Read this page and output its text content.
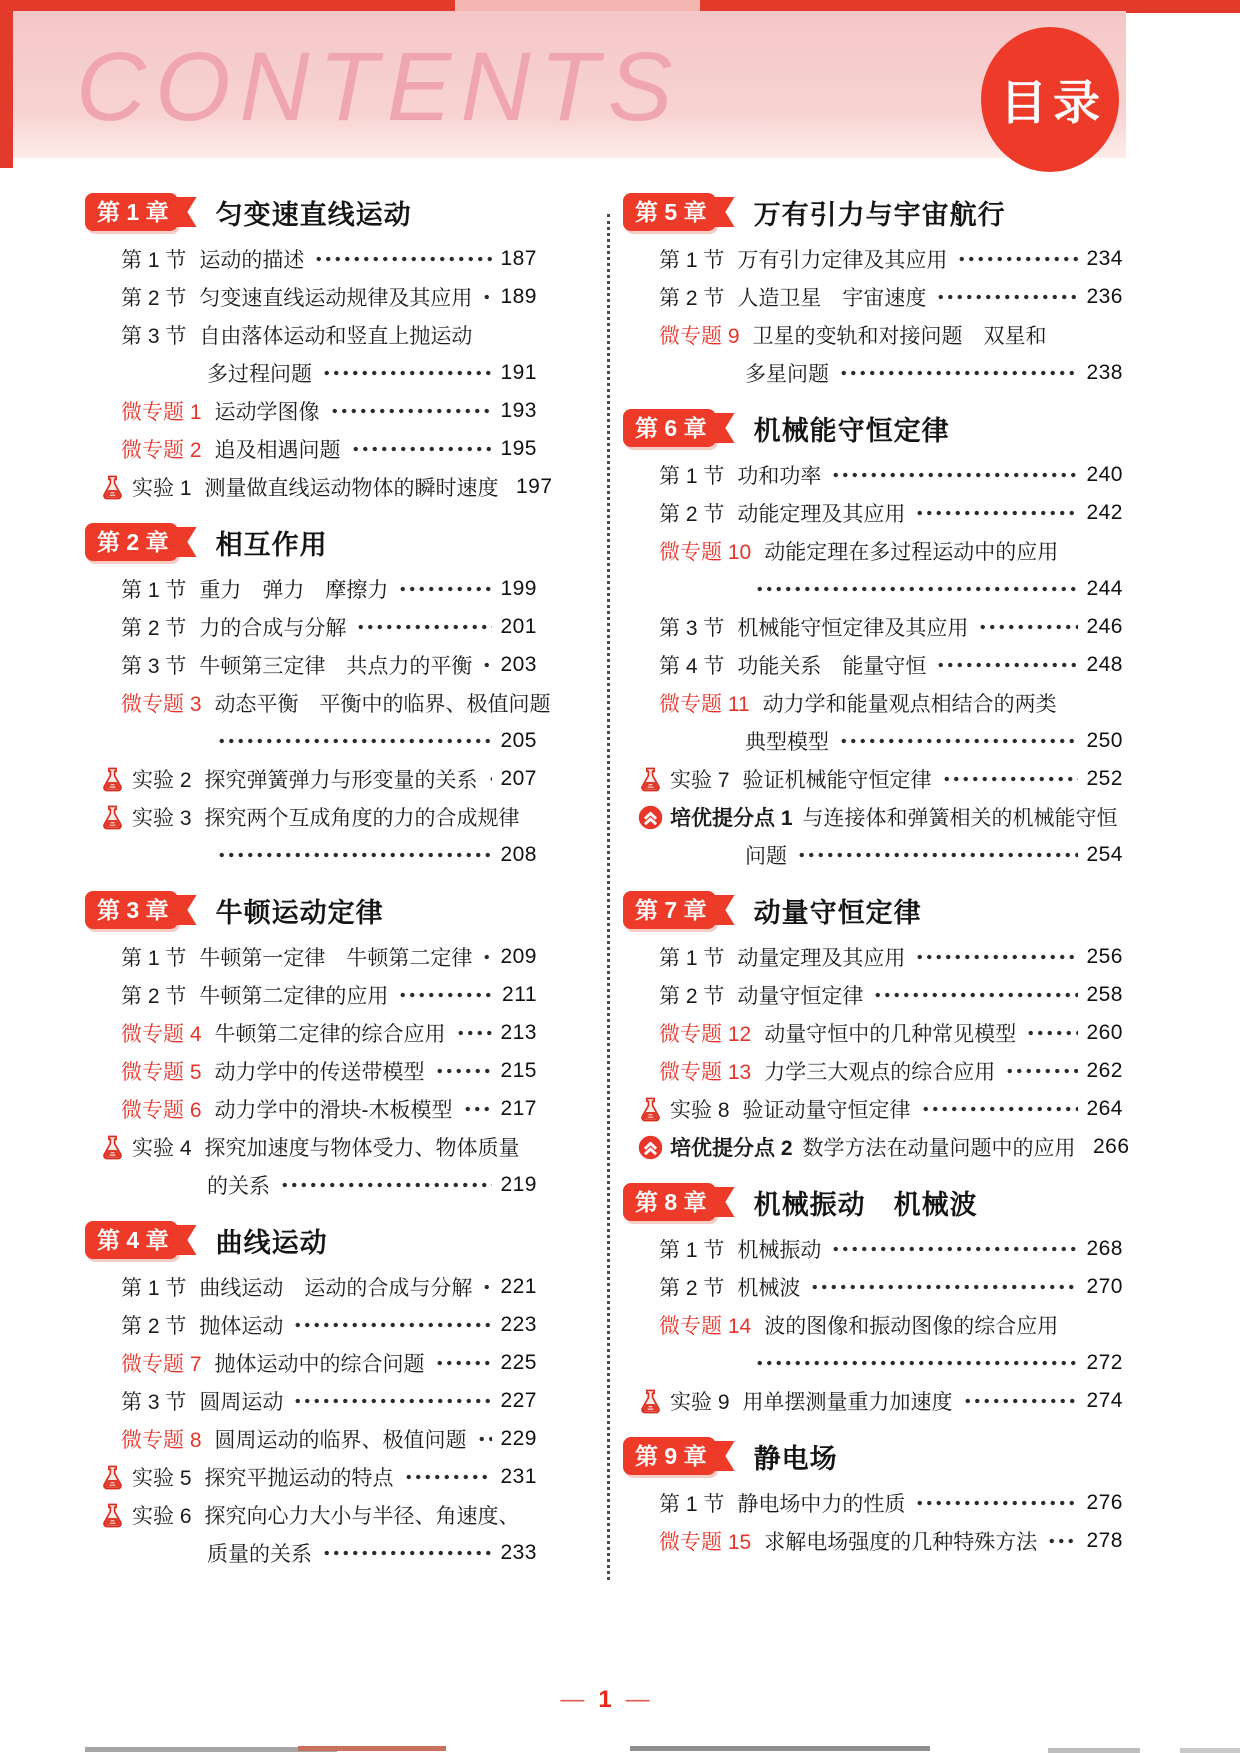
CONTENTS	目录
第 1 章	匀变速直线运动
第 1 节 运动的描述	187
第 2 节 匀变速直线运动规律及其应用 189
第 3 节 自由落体运动和竖直上抛运动
多过程问题	191
微专题 1 运动学图像	193
微专题 2 追及相遇问题	195
实验 1 测量做直线运动物体的瞬时速度 197
第 2 章	相互作用
第 1 节 重力　弹力　摩擦力	199
第 2 节 力的合成与分解	201
第 3 节 牛顿第三定律　共点力的平衡 203
微专题 3 动态平衡　平衡中的临界、极值问题
205
实验 2 探究弹簧弹力与形变量的关系 207
实验 3 探究两个互成角度的力的合成规律
208
第 3 章	牛顿运动定律
第 1 节 牛顿第一定律　牛顿第二定律 209
第 2 节 牛顿第二定律的应用	211
微专题 4 牛顿第二定律的综合应用	213
微专题 5 动力学中的传送带模型	215
微专题 6 动力学中的滑块-木板模型 217
实验 4 探究加速度与物体受力、物体质量
的关系	219
第 4 章	曲线运动
第 1 节 曲线运动　运动的合成与分解 221
第 2 节 抛体运动	223
微专题 7 抛体运动中的综合问题	225
第 3 节 圆周运动	227
微专题 8 圆周运动的临界、极值问题 229
实验 5 探究平抛运动的特点	231
实验 6 探究向心力大小与半径、角速度、
质量的关系	233
第 5 章	万有引力与宇宙航行
第 1 节 万有引力定律及其应用	234
第 2 节 人造卫星　宇宙速度	236
微专题 9 卫星的变轨和对接问题　双星和
多星问题	238
第 6 章	机械能守恒定律
第 1 节 功和功率	240
第 2 节 动能定理及其应用	242
微专题 10 动能定理在多过程运动中的应用
244
第 3 节 机械能守恒定律及其应用	246
第 4 节 功能关系　能量守恒	248
微专题 11 动力学和能量观点相结合的两类
典型模型	250
实验 7 验证机械能守恒定律	252
培优提分点 1 与连接体和弹簧相关的机械能守恒
问题	254
第 7 章	动量守恒定律
第 1 节 动量定理及其应用	256
第 2 节 动量守恒定律	258
微专题 12 动量守恒中的几种常见模型	260
微专题 13 力学三大观点的综合应用	262
实验 8 验证动量守恒定律	264
培优提分点 2 数学方法在动量问题中的应用 266
第 8 章	机械振动　机械波
第 1 节 机械振动	268
第 2 节 机械波	270
微专题 14 波的图像和振动图像的综合应用
272
实验 9 用单摆测量重力加速度	274
第 9 章	静电场
第 1 节 静电场中力的性质	276
微专题 15 求解电场强度的几种特殊方法 278
— 1 —
